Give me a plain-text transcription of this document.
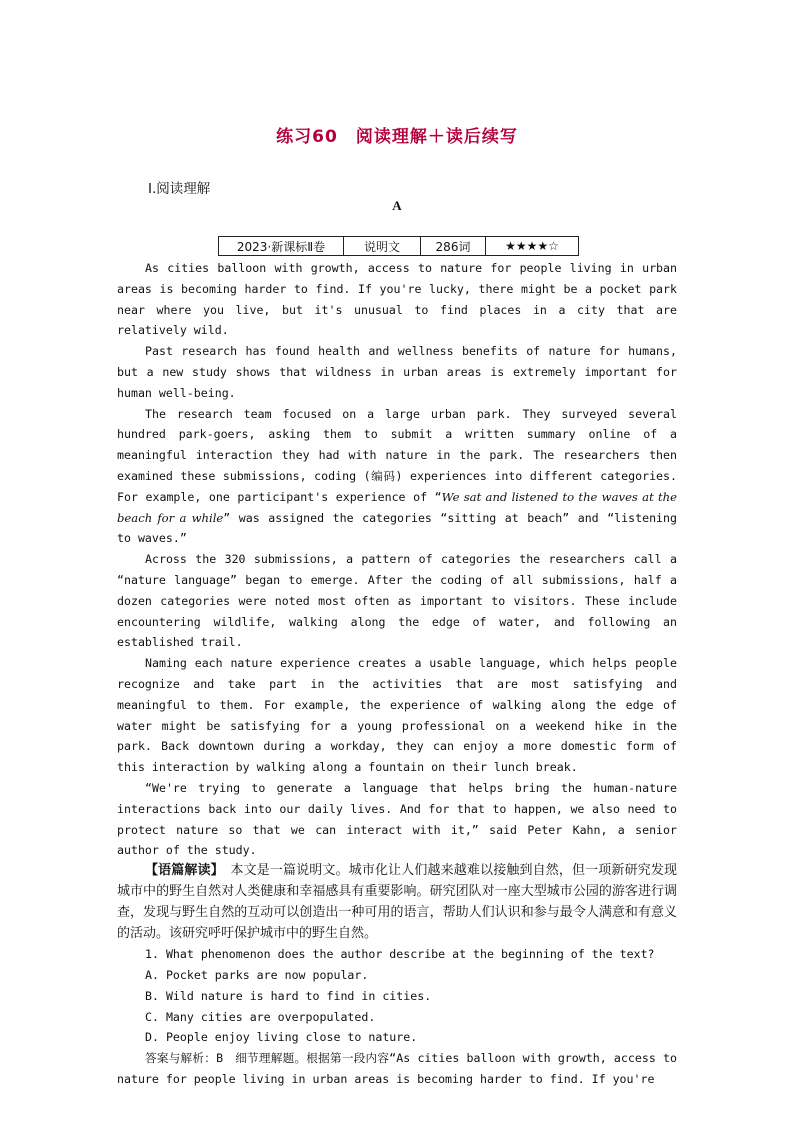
练习60　阅读理解＋读后续写
Ⅰ.阅读理解
A
2023·新课标Ⅱ卷	说明文	286词	★★★★☆

As cities balloon with growth, access to nature for people living in urban areas is becoming harder to find. If you're lucky, there might be a pocket park near where you live, but it's unusual to find places in a city that are relatively wild.

Past research has found health and wellness benefits of nature for humans, but a new study shows that wildness in urban areas is extremely important for human well-being.

The research team focused on a large urban park. They surveyed several hundred park-goers, asking them to submit a written summary online of a meaningful interaction they had with nature in the park. The researchers then examined these submissions, coding (编码) experiences into different categories. For example, one participant's experience of “We sat and listened to the waves at the beach for a while” was assigned the categories “sitting at beach” and “listening to waves.”

Across the 320 submissions, a pattern of categories the researchers call a “nature language” began to emerge. After the coding of all submissions, half a dozen categories were noted most often as important to visitors. These include encountering wildlife, walking along the edge of water, and following an established trail.

Naming each nature experience creates a usable language, which helps people recognize and take part in the activities that are most satisfying and meaningful to them. For example, the experience of walking along the edge of water might be satisfying for a young professional on a weekend hike in the park. Back downtown during a workday, they can enjoy a more domestic form of this interaction by walking along a fountain on their lunch break.

“We're trying to generate a language that helps bring the human-nature interactions back into our daily lives. And for that to happen, we also need to protect nature so that we can interact with it,” said Peter Kahn, a senior author of the study.

【语篇解读】　本文是一篇说明文。城市化让人们越来越难以接触到自然，但一项新研究发现城市中的野生自然对人类健康和幸福感具有重要影响。研究团队对一座大型城市公园的游客进行调查，发现与野生自然的互动可以创造出一种可用的语言，帮助人们认识和参与最令人满意和有意义的活动。该研究呼吁保护城市中的野生自然。

1. What phenomenon does the author describe at the beginning of the text?

A. Pocket parks are now popular.

B. Wild nature is hard to find in cities.

C. Many cities are overpopulated.

D. People enjoy living close to nature.

答案与解析：B　细节理解题。根据第一段内容“As cities balloon with growth, access to nature for people living in urban areas is becoming harder to find. If you're
